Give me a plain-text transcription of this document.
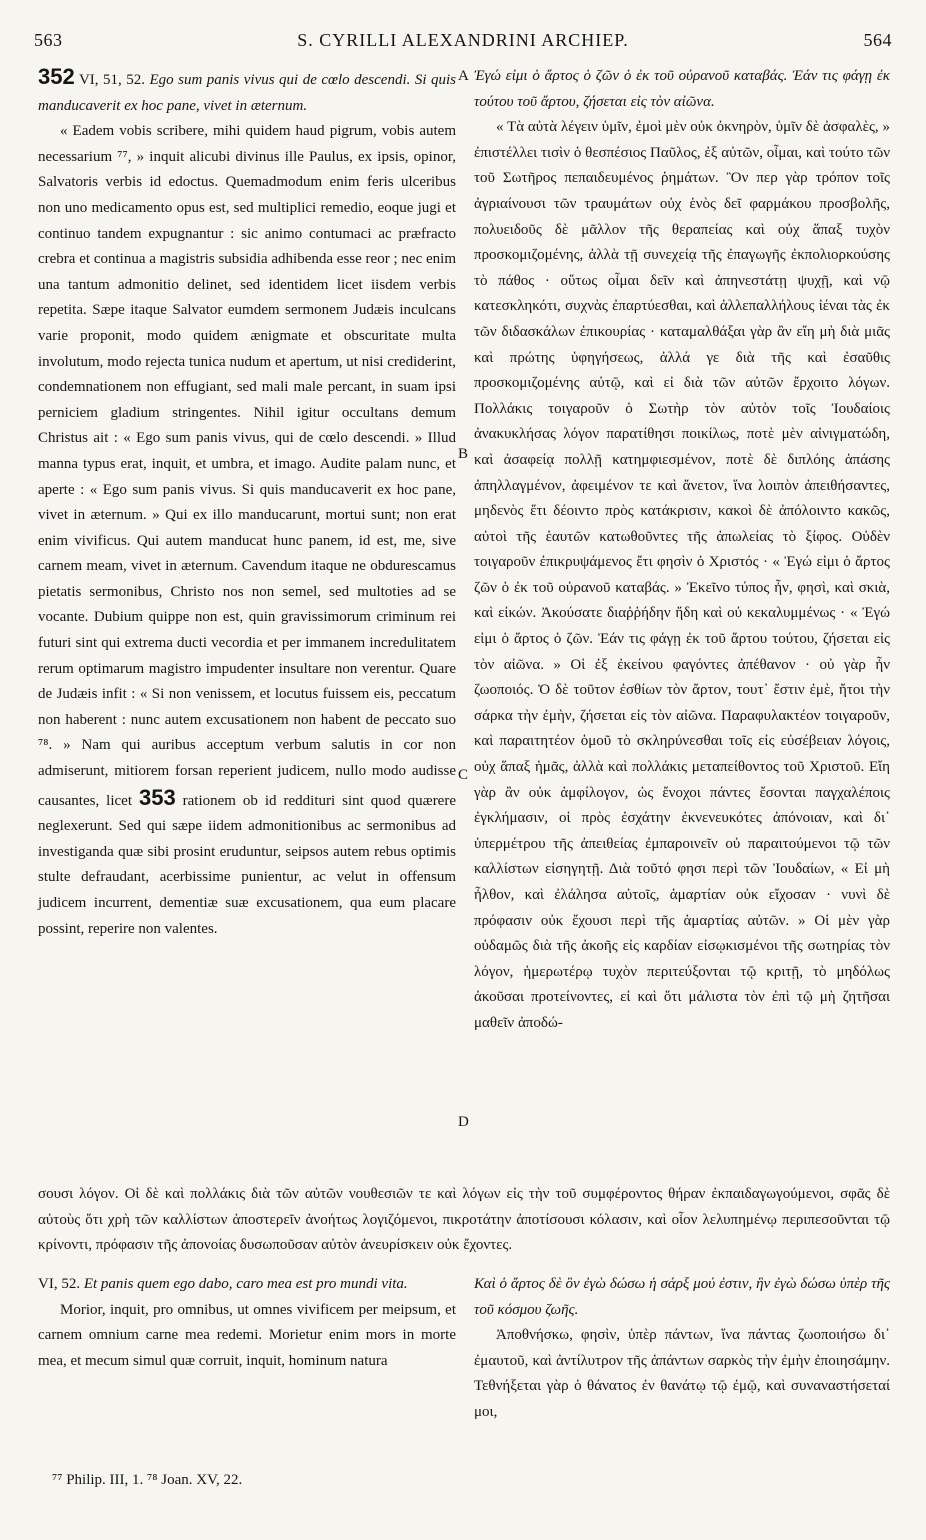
563	S. CYRILLI ALEXANDRINI ARCHIEP.	564
A
B
C
D

352 VI, 51, 52. Ego sum panis vivus qui de cœlo descendi. Si quis manducaverit ex hoc pane, vivet in æternum.

« Eadem vobis scribere, mihi quidem haud pigrum, vobis autem necessarium ⁷⁷, » inquit alicubi divinus ille Paulus, ex ipsis, opinor, Salvatoris verbis id edoctus. Quemadmodum enim feris ulceribus non uno medicamento opus est, sed multiplici remedio, eoque jugi et continuo tandem expugnantur : sic animo contumaci ac præfracto crebra et continua a magistris subsidia adhibenda esse reor ; nec enim una tantum admonitio delinet, sed identidem licet iisdem verbis repetita. Sæpe itaque Salvator eumdem sermonem Judæis inculcans varie proponit, modo quidem ænigmate et obscuritate multa involutum, modo rejecta tunica nudum et apertum, ut nisi crediderint, condemnationem non effugiant, sed mali male percant, in suam ipsi perniciem gladium stringentes. Nihil igitur occultans demum Christus ait : « Ego sum panis vivus, qui de cœlo descendi. » Illud manna typus erat, inquit, et umbra, et imago. Audite palam nunc, et aperte : « Ego sum panis vivus. Si quis manducaverit ex hoc pane, vivet in æternum. » Qui ex illo manducarunt, mortui sunt; non erat enim vivificus. Qui autem manducat hunc panem, id est, me, sive carnem meam, vivet in æternum. Cavendum itaque ne obdurescamus pietatis sermonibus, Christo nos non semel, sed multoties ad se vocante. Dubium quippe non est, quin gravissimorum criminum rei futuri sint qui extrema ducti vecordia et per immanem incredulitatem rerum optimarum magistro impudenter insultare non verentur. Quare de Judæis infit : « Si non venissem, et locutus fuissem eis, peccatum non haberent : nunc autem excusationem non habent de peccato suo ⁷⁸. » Nam qui auribus acceptum verbum salutis in cor non admiserunt, mitiorem forsan reperient judicem, nullo modo audisse causantes, licet 353 rationem ob id reddituri sint quod quærere neglexerunt. Sed qui sæpe iidem admonitionibus ac sermonibus ad investiganda quæ sibi prosint eruduntur, seipsos autem rebus optimis stulte defraudant, acerbissime punientur, ac velut in offensum judicem incurrent, dementiæ suæ excusationem, qua eum placare possint, reperire non valentes.

Ἐγώ εἰμι ὁ ἄρτος ὁ ζῶν ὁ ἐκ τοῦ οὐρανοῦ καταβάς. Ἐάν τις φάγῃ ἐκ τούτου τοῦ ἄρτου, ζήσεται εἰς τὸν αἰῶνα.

« Τὰ αὐτὰ λέγειν ὑμῖν, ἐμοὶ μὲν οὐκ ὀκνηρὸν, ὑμῖν δὲ ἀσφαλὲς, » ἐπιστέλλει τισὶν ὁ θεσπέσιος Παῦλος, ἐξ αὐτῶν, οἶμαι, καὶ τούτο τῶν τοῦ Σωτῆρος πεπαιδευμένος ῥημάτων. Ὃν περ γὰρ τρόπον τοῖς ἀγριαίνουσι τῶν τραυμάτων οὐχ ἑνὸς δεῖ φαρμάκου προσβολῆς, πολυειδοῦς δὲ μᾶλλον τῆς θεραπείας καὶ οὐχ ἅπαξ τυχὸν προσκομιζομένης, ἀλλὰ τῇ συνεχείᾳ τῆς ἐπαγωγῆς ἐκπολιορκούσης τὸ πάθος · οὕτως οἶμαι δεῖν καὶ ἀπηνεστάτῃ ψυχῇ, καὶ νῷ κατεσκληκότι, συχνὰς ἐπαρτύεσθαι, καὶ ἀλλεπαλλήλους ἰέναι τὰς ἐκ τῶν διδασκάλων ἐπικουρίας · καταμαλθάξαι γὰρ ἂν εἴη μὴ διὰ μιᾶς καὶ πρώτης ὑφηγήσεως, ἀλλά γε διὰ τῆς καὶ ἐσαῦθις προσκομιζομένης αὐτῷ, καὶ εἰ διὰ τῶν αὐτῶν ἔρχοιτο λόγων. Πολλάκις τοιγαροῦν ὁ Σωτὴρ τὸν αὐτὸν τοῖς Ἰουδαίοις ἀνακυκλήσας λόγον παρατίθησι ποικίλως, ποτὲ μὲν αἰνιγματώδη, καὶ ἀσαφείᾳ πολλῇ κατημφιεσμένον, ποτὲ δὲ διπλόης ἁπάσης ἀπηλλαγμένον, ἀφειμένον τε καὶ ἄνετον, ἵνα λοιπὸν ἀπειθήσαντες, μηδενὸς ἔτι δέοιντο πρὸς κατάκρισιν, κακοὶ δὲ ἀπόλοιντο κακῶς, αὐτοὶ τῆς ἑαυτῶν κατωθοῦντες τῆς ἀπωλείας τὸ ξίφος. Οὐδὲν τοιγαροῦν ἐπικρυψάμενος ἔτι φησὶν ὁ Χριστός · « Ἐγώ εἰμι ὁ ἄρτος ζῶν ὁ ἐκ τοῦ οὐρανοῦ καταβάς. » Ἐκεῖνο τύπος ἦν, φησὶ, καὶ σκιὰ, καὶ εἰκών. Ἀκούσατε διαῤῥήδην ἤδη καὶ οὐ κεκαλυμμένως · « Ἐγώ εἰμι ὁ ἄρτος ὁ ζῶν. Ἐάν τις φάγῃ ἐκ τοῦ ἄρτου τούτου, ζήσεται εἰς τὸν αἰῶνα. » Οἱ ἐξ ἐκείνου φαγόντες ἀπέθανον · οὐ γὰρ ἦν ζωοποιός. Ὁ δὲ τοῦτον ἐσθίων τὸν ἄρτον, τουτ᾽ ἔστιν ἐμὲ, ἤτοι τὴν σάρκα τὴν ἐμὴν, ζήσεται εἰς τὸν αἰῶνα. Παραφυλακτέον τοιγαροῦν, καὶ παραιτητέον ὁμοῦ τὸ σκληρύνεσθαι τοῖς εἰς εὐσέβειαν λόγοις, οὐχ ἅπαξ ἡμᾶς, ἀλλὰ καὶ πολλάκις μεταπείθοντος τοῦ Χριστοῦ. Εἴη γὰρ ἂν οὐκ ἀμφίλογον, ὡς ἔνοχοι πάντες ἔσονται παγχαλέποις ἐγκλήμασιν, οἱ πρὸς ἐσχάτην ἐκνενευκότες ἀπόνοιαν, καὶ δι᾽ ὑπερμέτρου τῆς ἀπειθείας ἐμπαροινεῖν οὐ παραιτούμενοι τῷ τῶν καλλίστων εἰσηγητῇ. Διὰ τοῦτό φησι περὶ τῶν Ἰουδαίων, « Εἰ μὴ ἦλθον, καὶ ἐλάλησα αὐτοῖς, ἁμαρτίαν οὐκ εἴχοσαν · νυνὶ δὲ πρόφασιν οὐκ ἔχουσι περὶ τῆς ἁμαρτίας αὐτῶν. » Οἱ μὲν γὰρ οὐδαμῶς διὰ τῆς ἀκοῆς εἰς καρδίαν εἰσῳκισμένοι τῆς σωτηρίας τὸν λόγον, ἡμερωτέρῳ τυχὸν περιτεύξονται τῷ κριτῇ, τὸ μηδόλως ἀκοῦσαι προτείνοντες, εἰ καὶ ὅτι μάλιστα τὸν ἐπὶ τῷ μὴ ζητῆσαι μαθεῖν ἀποδώ-

σουσι λόγον. Οἱ δὲ καὶ πολλάκις διὰ τῶν αὐτῶν νουθεσιῶν τε καὶ λόγων εἰς τὴν τοῦ συμφέροντος θήραν ἐκπαιδαγωγούμενοι, σφᾶς δὲ αὐτοὺς ὅτι χρὴ τῶν καλλίστων ἀποστερεῖν ἀνοήτως λογιζόμενοι, πικροτάτην ἀποτίσουσι κόλασιν, καὶ οἷον λελυπημένῳ περιπεσοῦνται τῷ κρίνοντι, πρόφασιν τῆς ἀπονοίας δυσωποῦσαν αὐτὸν ἀνευρίσκειν οὐκ ἔχοντες.

VI, 52. Et panis quem ego dabo, caro mea est pro mundi vita.

Morior, inquit, pro omnibus, ut omnes vivificem per meipsum, et carnem omnium carne mea redemi. Morietur enim mors in morte mea, et mecum simul quæ corruit, inquit, hominum natura

Καὶ ὁ ἄρτος δὲ ὃν ἐγὼ δώσω ἡ σάρξ μού ἐστιν, ἣν ἐγὼ δώσω ὑπὲρ τῆς τοῦ κόσμου ζωῆς.

Ἀποθνήσκω, φησὶν, ὑπὲρ πάντων, ἵνα πάντας ζωοποιήσω δι᾽ ἐμαυτοῦ, καὶ ἀντίλυτρον τῆς ἁπάντων σαρκὸς τὴν ἐμὴν ἐποιησάμην. Τεθνήξεται γὰρ ὁ θάνατος ἐν θανάτῳ τῷ ἐμῷ, καὶ συναναστήσεταί μοι,

⁷⁷ Philip. III, 1. ⁷⁸ Joan. XV, 22.
